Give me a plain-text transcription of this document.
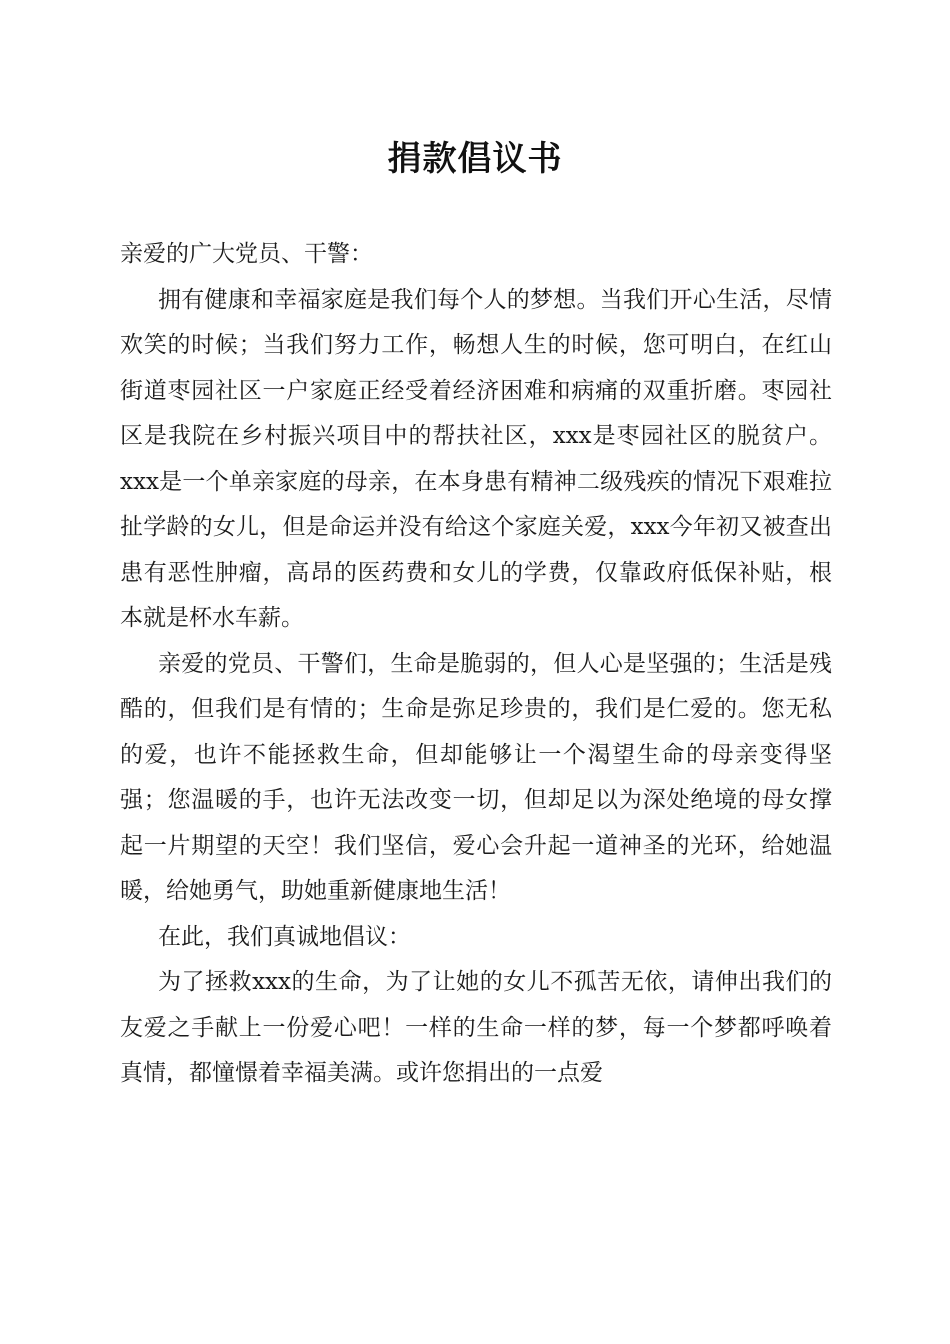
捐款倡议书

亲爱的广大党员、干警：

拥有健康和幸福家庭是我们每个人的梦想。当我们开心生活，尽情欢笑的时候；当我们努力工作，畅想人生的时候，您可明白，在红山街道枣园社区一户家庭正经受着经济困难和病痛的双重折磨。枣园社区是我院在乡村振兴项目中的帮扶社区，xxx是枣园社区的脱贫户。xxx是一个单亲家庭的母亲，在本身患有精神二级残疾的情况下艰难拉扯学龄的女儿，但是命运并没有给这个家庭关爱，xxx今年初又被查出患有恶性肿瘤，高昂的医药费和女儿的学费，仅靠政府低保补贴，根本就是杯水车薪。

亲爱的党员、干警们，生命是脆弱的，但人心是坚强的；生活是残酷的，但我们是有情的；生命是弥足珍贵的，我们是仁爱的。您无私的爱，也许不能拯救生命，但却能够让一个渴望生命的母亲变得坚强；您温暖的手，也许无法改变一切，但却足以为深处绝境的母女撑起一片期望的天空！我们坚信，爱心会升起一道神圣的光环，给她温暖，给她勇气，助她重新健康地生活！

在此，我们真诚地倡议：

为了拯救xxx的生命，为了让她的女儿不孤苦无依，请伸出我们的友爱之手献上一份爱心吧！一样的生命一样的梦，每一个梦都呼唤着真情，都憧憬着幸福美满。或许您捐出的一点爱
